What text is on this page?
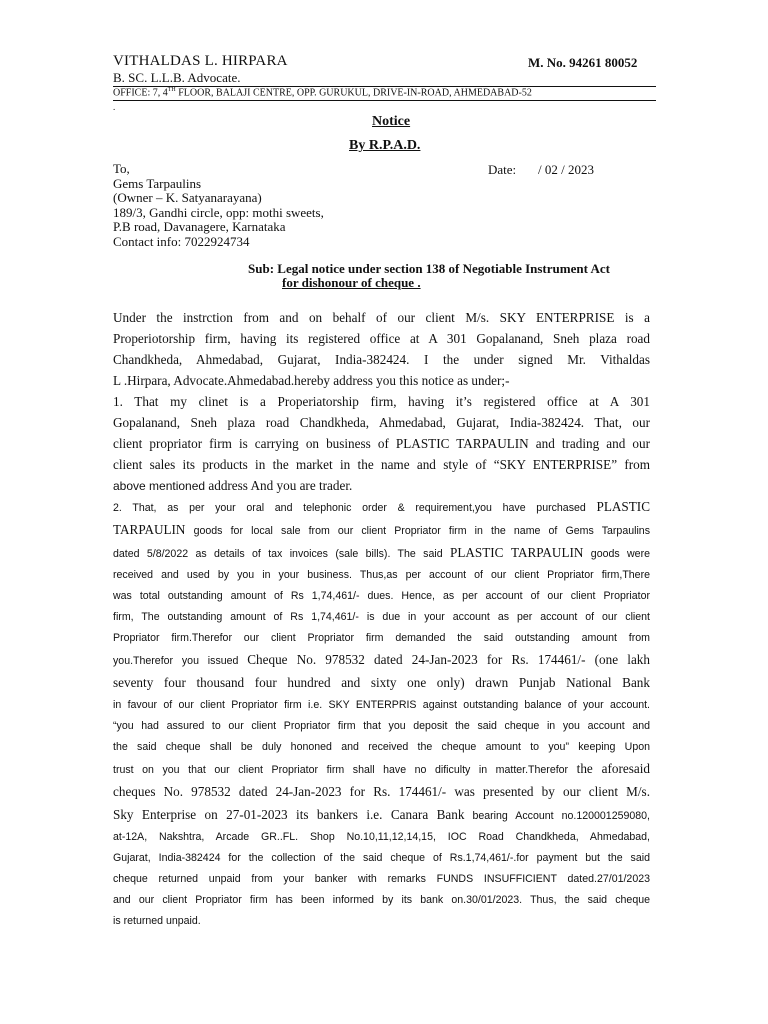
VITHALDAS L. HIRPARA	M. No. 94261 80052
B. SC. L.L.B. Advocate.
OFFICE: 7, 4TH FLOOR, BALAJI CENTRE, OPP. GURUKUL, DRIVE-IN-ROAD, AHMEDABAD-52
.
Notice
By R.P.A.D.
To,
Gems Tarpaulins
(Owner – K. Satyanarayana)
189/3, Gandhi circle, opp: mothi sweets,
P.B road, Davanagere, Karnataka
Contact info: 7022924734
Date: / 02 / 2023
Sub: Legal notice under section 138 of Negotiable Instrument Act
for dishonour of cheque .
Under the instrction from and on behalf of our client M/s. SKY ENTERPRISE is a
Properiotorship firm, having its registered office at A 301 Gopalanand, Sneh plaza road
Chandkheda, Ahmedabad, Gujarat, India-382424. I the under signed Mr. Vithaldas
L .Hirpara, Advocate.Ahmedabad.hereby address you this notice as under;-
1. That my clinet is a Properiatorship firm, having it’s registered office at A 301
Gopalanand, Sneh plaza road Chandkheda, Ahmedabad, Gujarat, India-382424. That, our
client propriator firm is carrying on business of PLASTIC TARPAULIN and trading and our
client sales its products in the market in the name and style of “SKY ENTERPRISE” from
above mentioned address And you are trader.
2. That, as per your oral and telephonic order & requirement,you have purchased PLASTIC
TARPAULIN goods for local sale from our client Propriator firm in the name of Gems Tarpaulins
dated 5/8/2022 as details of tax invoices (sale bills). The said PLASTIC TARPAULIN goods were
received and used by you in your business. Thus,as per account of our client Propriator firm,There
was total outstanding amount of Rs 1,74,461/- dues. Hence, as per account of our client Propriator
firm, The outstanding amount of Rs 1,74,461/- is due in your account as per account of our client
Propriator firm.Therefor our client Propriator firm demanded the said outstanding amount from
you.Therefor you issued Cheque No. 978532 dated 24-Jan-2023 for Rs. 174461/- (one lakh
seventy four thousand four hundred and sixty one only) drawn Punjab National Bank
in favour of our client Propriator firm i.e. SKY ENTERPRIS against outstanding balance of your account.
“you had assured to our client Propriator firm that you deposit the said cheque in you account and
the said cheque shall be duly hononed and received the cheque amount to you” keeping Upon
trust on you that our client Propriator firm shall have no dificulty in matter.Therefor the aforesaid
cheques No. 978532 dated 24-Jan-2023 for Rs. 174461/- was presented by our client M/s.
Sky Enterprise on 27-01-2023 its bankers i.e. Canara Bank bearing Account no.120001259080,
at-12A, Nakshtra, Arcade GR..FL. Shop No.10,11,12,14,15, IOC Road Chandkheda, Ahmedabad,
Gujarat, India-382424 for the collection of the said cheque of Rs.1,74,461/-.for payment but the said
cheque returned unpaid from your banker with remarks FUNDS INSUFFICIENT dated.27/01/2023
and our client Propriator firm has been informed by its bank on.30/01/2023. Thus, the said cheque
is returned unpaid.
